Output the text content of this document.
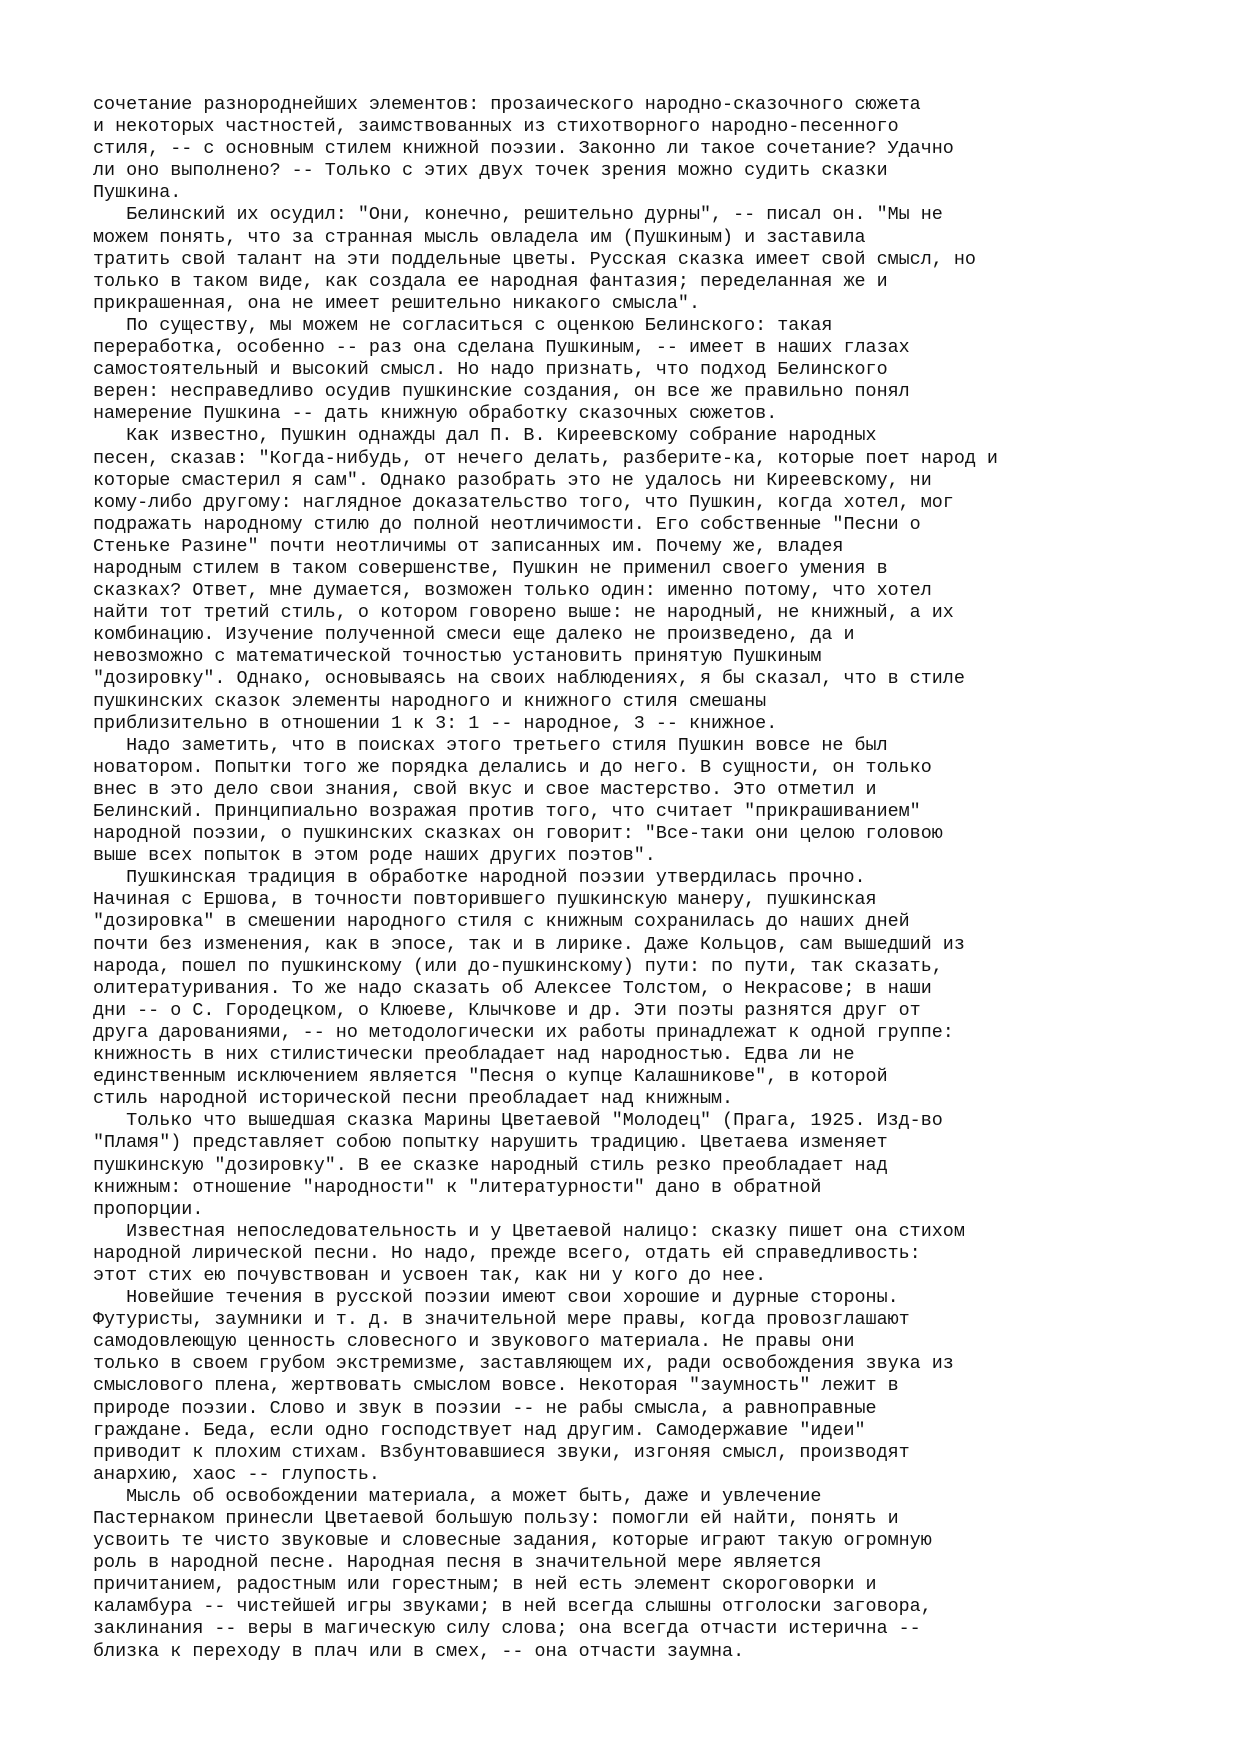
сочетание разнороднейших элементов: прозаического народно-сказочного сюжета
и некоторых частностей, заимствованных из стихотворного народно-песенного
стиля, -- с основным стилем книжной поэзии. Законно ли такое сочетание? Удачно
ли оно выполнено? -- Только с этих двух точек зрения можно судить сказки
Пушкина.
Белинский их осудил: "Они, конечно, решительно дурны", -- писал он. "Мы не
можем понять, что за странная мысль овладела им (Пушкиным) и заставила
тратить свой талант на эти поддельные цветы. Русская сказка имеет свой смысл, но
только в таком виде, как создала ее народная фантазия; переделанная же и
прикрашенная, она не имеет решительно никакого смысла".
По существу, мы можем не согласиться с оценкою Белинского: такая
переработка, особенно -- раз она сделана Пушкиным, -- имеет в наших глазах
самостоятельный и высокий смысл. Но надо признать, что подход Белинского
верен: несправедливо осудив пушкинские создания, он все же правильно понял
намерение Пушкина -- дать книжную обработку сказочных сюжетов.
Как известно, Пушкин однажды дал П. В. Киреевскому собрание народных
песен, сказав: "Когда-нибудь, от нечего делать, разберите-ка, которые поет народ и
которые смастерил я сам". Однако разобрать это не удалось ни Киреевскому, ни
кому-либо другому: наглядное доказательство того, что Пушкин, когда хотел, мог
подражать народному стилю до полной неотличимости. Его собственные "Песни о
Стеньке Разине" почти неотличимы от записанных им. Почему же, владея
народным стилем в таком совершенстве, Пушкин не применил своего умения в
сказках? Ответ, мне думается, возможен только один: именно потому, что хотел
найти тот третий стиль, о котором говорено выше: не народный, не книжный, а их
комбинацию. Изучение полученной смеси еще далеко не произведено, да и
невозможно с математической точностью установить принятую Пушкиным
"дозировку". Однако, основываясь на своих наблюдениях, я бы сказал, что в стиле
пушкинских сказок элементы народного и книжного стиля смешаны
приблизительно в отношении 1 к 3: 1 -- народное, 3 -- книжное.
Надо заметить, что в поисках этого третьего стиля Пушкин вовсе не был
новатором. Попытки того же порядка делались и до него. В сущности, он только
внес в это дело свои знания, свой вкус и свое мастерство. Это отметил и
Белинский. Принципиально возражая против того, что считает "прикрашиванием"
народной поэзии, о пушкинских сказках он говорит: "Все-таки они целою головою
выше всех попыток в этом роде наших других поэтов".
Пушкинская традиция в обработке народной поэзии утвердилась прочно.
Начиная с Ершова, в точности повторившего пушкинскую манеру, пушкинская
"дозировка" в смешении народного стиля с книжным сохранилась до наших дней
почти без изменения, как в эпосе, так и в лирике. Даже Кольцов, сам вышедший из
народа, пошел по пушкинскому (или до-пушкинскому) пути: по пути, так сказать,
олитературивания. То же надо сказать об Алексее Толстом, о Некрасове; в наши
дни -- о С. Городецком, о Клюеве, Клычкове и др. Эти поэты разнятся друг от
друга дарованиями, -- но методологически их работы принадлежат к одной группе:
книжность в них стилистически преобладает над народностью. Едва ли не
единственным исключением является "Песня о купце Калашникове", в которой
стиль народной исторической песни преобладает над книжным.
Только что вышедшая сказка Марины Цветаевой "Молодец" (Прага, 1925. Изд-во
"Пламя") представляет собою попытку нарушить традицию. Цветаева изменяет
пушкинскую "дозировку". В ее сказке народный стиль резко преобладает над
книжным: отношение "народности" к "литературности" дано в обратной
пропорции.
Известная непоследовательность и у Цветаевой налицо: сказку пишет она стихом
народной лирической песни. Но надо, прежде всего, отдать ей справедливость:
этот стих ею почувствован и усвоен так, как ни у кого до нее.
Новейшие течения в русской поэзии имеют свои хорошие и дурные стороны.
Футуристы, заумники и т. д. в значительной мере правы, когда провозглашают
самодовлеющую ценность словесного и звукового материала. Не правы они
только в своем грубом экстремизме, заставляющем их, ради освобождения звука из
смыслового плена, жертвовать смыслом вовсе. Некоторая "заумность" лежит в
природе поэзии. Слово и звук в поэзии -- не рабы смысла, а равноправные
граждане. Беда, если одно господствует над другим. Самодержавие "идеи"
приводит к плохим стихам. Взбунтовавшиеся звуки, изгоняя смысл, производят
анархию, хаос -- глупость.
Мысль об освобождении материала, а может быть, даже и увлечение
Пастернаком принесли Цветаевой большую пользу: помогли ей найти, понять и
усвоить те чисто звуковые и словесные задания, которые играют такую огромную
роль в народной песне. Народная песня в значительной мере является
причитанием, радостным или горестным; в ней есть элемент скороговорки и
каламбура -- чистейшей игры звуками; в ней всегда слышны отголоски заговора,
заклинания -- веры в магическую силу слова; она всегда отчасти истерична --
близка к переходу в плач или в смех, -- она отчасти заумна.
